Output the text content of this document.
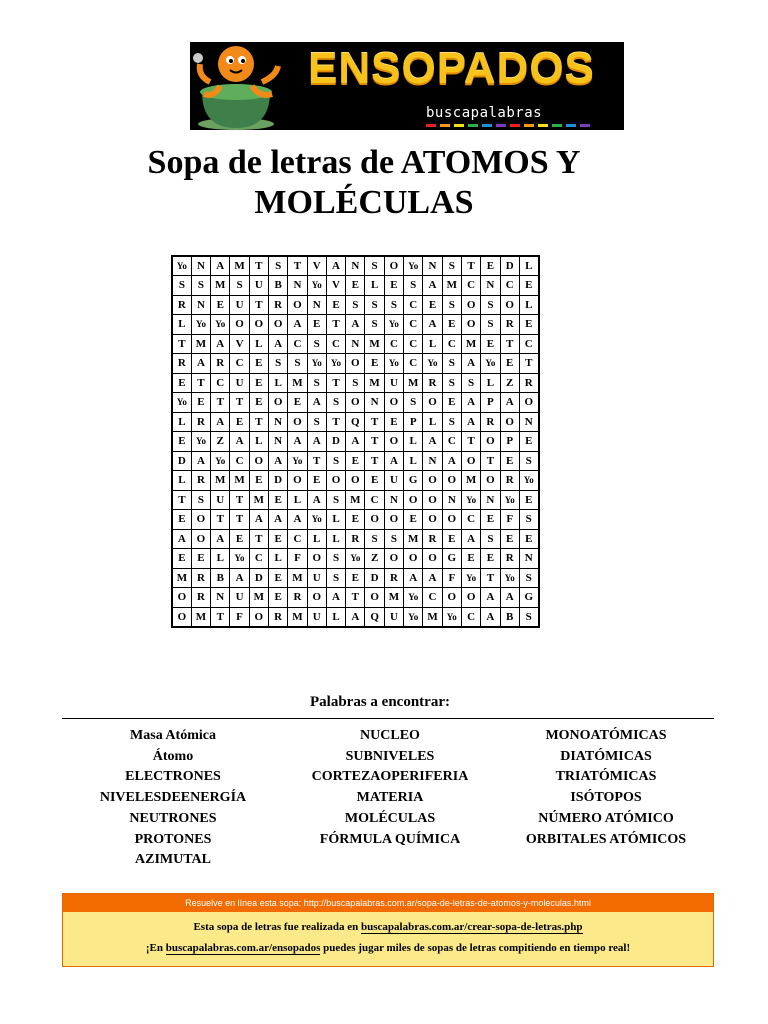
ENSOPADOS
buscapalabras
Sopa de letras de ATOMOS Y
MOLÉCULAS
Yo	N	A	M	T	S	T	V	A	N	S	O	Yo	N	S	T	E	D	L
S	S	M	S	U	B	N	Yo	V	E	L	E	S	A	M	C	N	C	E
R	N	E	U	T	R	O	N	E	S	S	S	C	E	S	O	S	O	L
L	Yo	Yo	O	O	O	A	E	T	A	S	Yo	C	A	E	O	S	R	E
T	M	A	V	L	A	C	S	C	N	M	C	C	L	C	M	E	T	C
R	A	R	C	E	S	S	Yo	Yo	O	E	Yo	C	Yo	S	A	Yo	E	T
E	T	C	U	E	L	M	S	T	S	M	U	M	R	S	S	L	Z	R
Yo	E	T	T	E	O	E	A	S	O	N	O	S	O	E	A	P	A	O
L	R	A	E	T	N	O	S	T	Q	T	E	P	L	S	A	R	O	N
E	Yo	Z	A	L	N	A	A	D	A	T	O	L	A	C	T	O	P	E
D	A	Yo	C	O	A	Yo	T	S	E	T	A	L	N	A	O	T	E	S
L	R	M	M	E	D	O	E	O	O	E	U	G	O	O	M	O	R	Yo
T	S	U	T	M	E	L	A	S	M	C	N	O	O	N	Yo	N	Yo	E
E	O	T	T	A	A	A	Yo	L	E	O	O	E	O	O	C	E	F	S
A	O	A	E	T	E	C	L	L	R	S	S	M	R	E	A	S	E	E
E	E	L	Yo	C	L	F	O	S	Yo	Z	O	O	O	G	E	E	R	N
M	R	B	A	D	E	M	U	S	E	D	R	A	A	F	Yo	T	Yo	S
O	R	N	U	M	E	R	O	A	T	O	M	Yo	C	O	O	A	A	G
O	M	T	F	O	R	M	U	L	A	Q	U	Yo	M	Yo	C	A	B	S
Palabras a encontrar:
Masa Atómica
Átomo
ELECTRONES
NIVELESDEENERGÍA
NEUTRONES
PROTONES
AZIMUTAL
NUCLEO
SUBNIVELES
CORTEZAOPERIFERIA
MATERIA
MOLÉCULAS
FÓRMULA QUÍMICA
MONOATÓMICAS
DIATÓMICAS
TRIATÓMICAS
ISÓTOPOS
NÚMERO ATÓMICO
ORBITALES ATÓMICOS
Resuelve en línea esta sopa: http://buscapalabras.com.ar/sopa-de-letras-de-atomos-y-moleculas.html
Esta sopa de letras fue realizada en buscapalabras.com.ar/crear-sopa-de-letras.php
¡En buscapalabras.com.ar/ensopados puedes jugar miles de sopas de letras compitiendo en tiempo real!
